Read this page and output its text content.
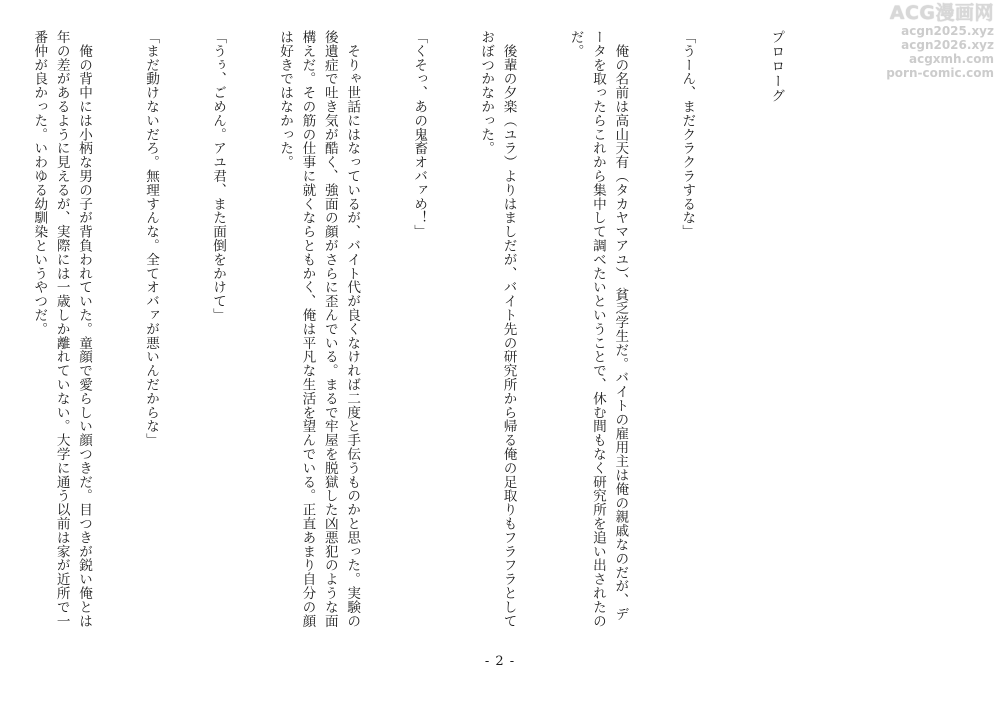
プロローグ

「うーん、まだクラクラするな」

　俺の名前は高山天有（タカヤマアユ）、貧乏学生だ。バイトの雇用主は俺の親戚なのだが、データを取ったらこれから集中して調べたいということで、休む間もなく研究所を追い出されたのだ。

　後輩の夕楽（ユラ）よりはましだが、バイト先の研究所から帰る俺の足取りもフラフラとしておぼつかなかった。

「くそっ、あの鬼畜オバァめ！」

　そりゃ世話にはなっているが、バイト代が良くなければ二度と手伝うものかと思った。実験の後遺症で吐き気が酷く、強面の顔がさらに歪んでいる。まるで牢屋を脱獄した凶悪犯のような面構えだ。その筋の仕事に就くならともかく、俺は平凡な生活を望んでいる。正直あまり自分の顔は好きではなかった。

「うぅ、ごめん。アユ君、また面倒をかけて」

「まだ動けないだろ。無理すんな。全てオバァが悪いんだからな」

　俺の背中には小柄な男の子が背負われていた。童顔で愛らしい顔つきだ。目つきが鋭い俺とは年の差があるように見えるが、実際には一歳しか離れていない。大学に通う以前は家が近所で一番仲が良かった。いわゆる幼馴染というやつだ。

- 2 -
ACG漫画网
acgn2025.xyz
acgn2026.xyz
acgxmh.com
porn-comic.com
